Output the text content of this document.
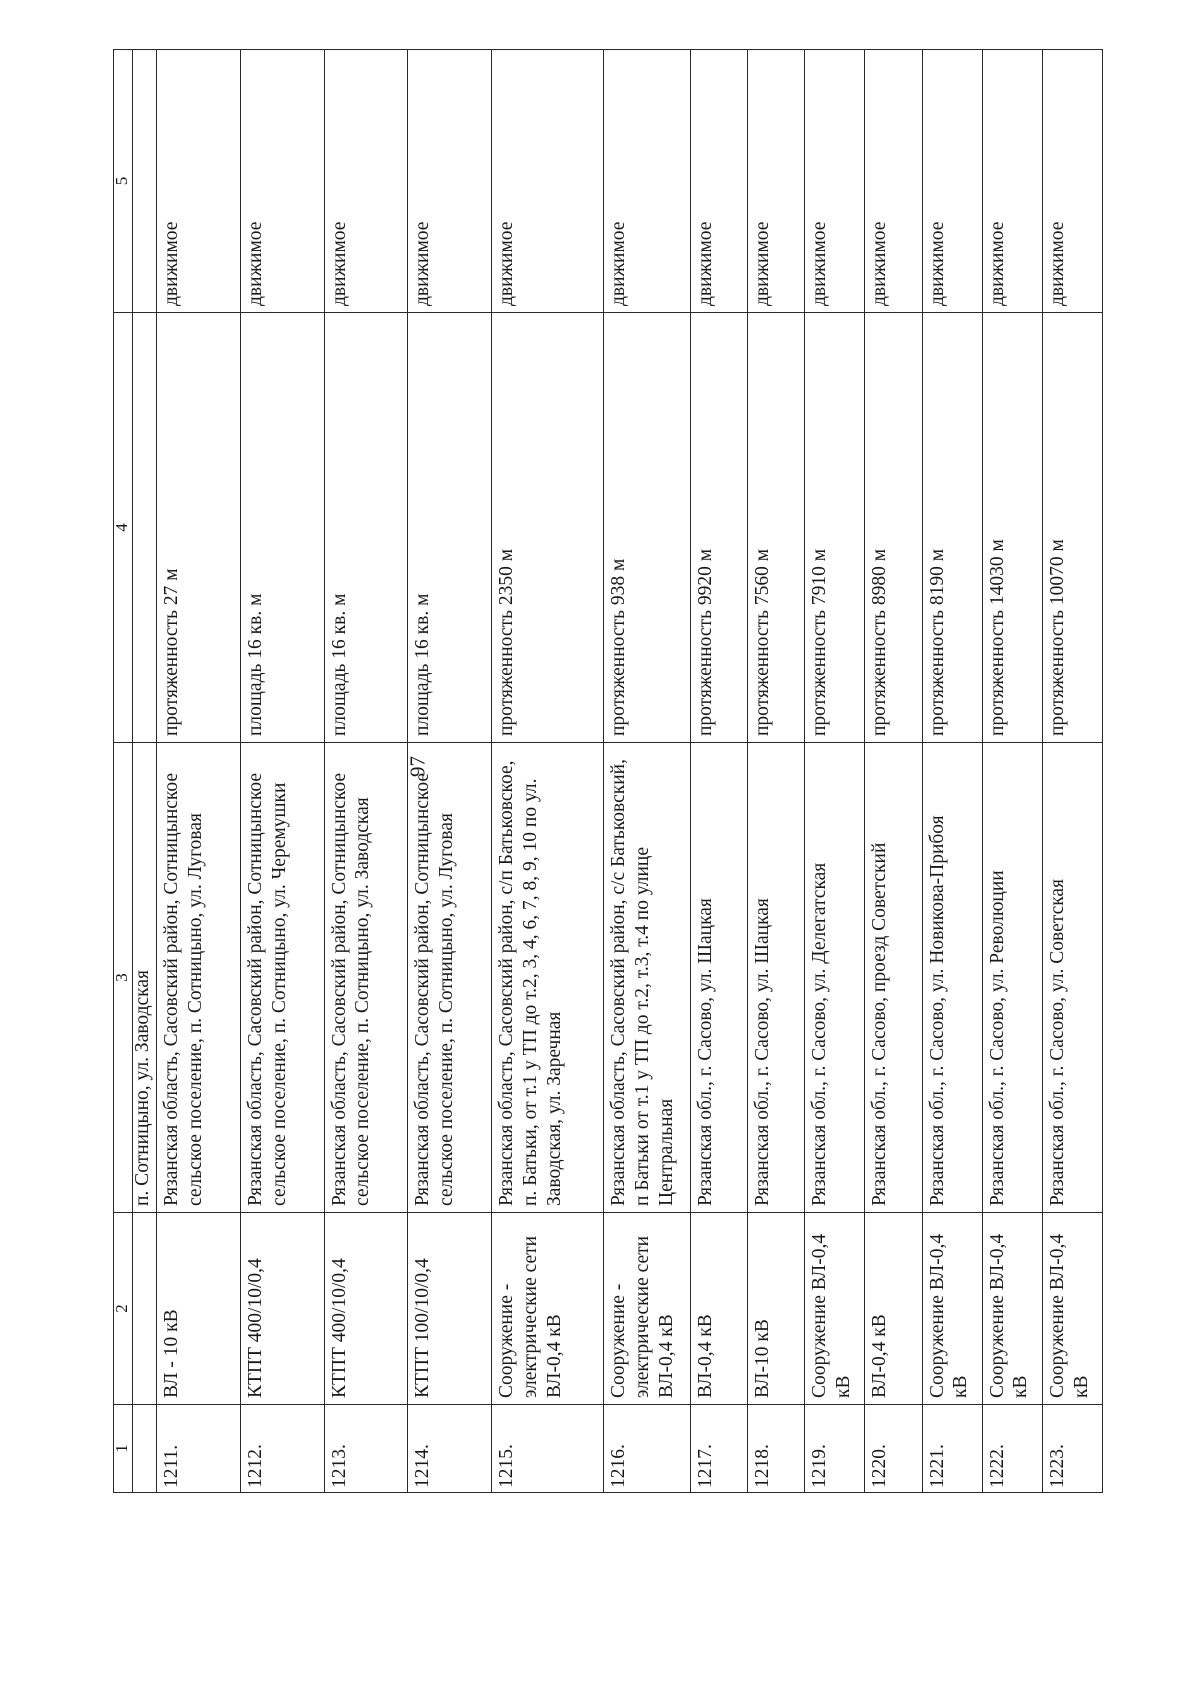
97
1	2	3	4	5
		п. Сотницыно, ул. Заводская		
1211.	ВЛ - 10 кВ	Рязанская область, Сасовский район, Сотницынское сельское поселение, п. Сотницыно, ул. Луговая	протяженность 27 м	движимое
1212.	КТПТ 400/10/0,4	Рязанская область, Сасовский район, Сотницынское сельское поселение, п. Сотницыно, ул. Черемушки	площадь 16 кв. м	движимое
1213.	КТПТ 400/10/0,4	Рязанская область, Сасовский район, Сотницынское сельское поселение, п. Сотницыно, ул. Заводская	площадь 16 кв. м	движимое
1214.	КТПТ 100/10/0,4	Рязанская область, Сасовский район, Сотницынское сельское поселение, п. Сотницыно, ул. Луговая	площадь 16 кв. м	движимое
1215.	Сооружение - электрические сети ВЛ-0,4 кВ	Рязанская область, Сасовский район, с/п Батьковское, п. Батьки, от т.1 у ТП до т.2, 3, 4, 6, 7, 8, 9, 10 по ул. Заводская, ул. Заречная	протяженность 2350 м	движимое
1216.	Сооружение - электрические сети ВЛ-0,4 кВ	Рязанская область, Сасовский район, с/с Батьковский, п Батьки от т.1 у ТП до т.2, т.3, т.4 по улице Центральная	протяженность 938 м	движимое
1217.	ВЛ-0,4 кВ	Рязанская обл., г. Сасово, ул. Шацкая	протяженность 9920 м	движимое
1218.	ВЛ-10 кВ	Рязанская обл., г. Сасово, ул. Шацкая	протяженность 7560 м	движимое
1219.	Сооружение ВЛ-0,4 кВ	Рязанская обл., г. Сасово, ул. Делегатская	протяженность 7910 м	движимое
1220.	ВЛ-0,4 кВ	Рязанская обл., г. Сасово, проезд Советский	протяженность 8980 м	движимое
1221.	Сооружение ВЛ-0,4 кВ	Рязанская обл., г. Сасово, ул. Новикова-Прибоя	протяженность 8190 м	движимое
1222.	Сооружение ВЛ-0,4 кВ	Рязанская обл., г. Сасово, ул. Революции	протяженность 14030 м	движимое
1223.	Сооружение ВЛ-0,4 кВ	Рязанская обл., г. Сасово, ул. Советская	протяженность 10070 м	движимое
